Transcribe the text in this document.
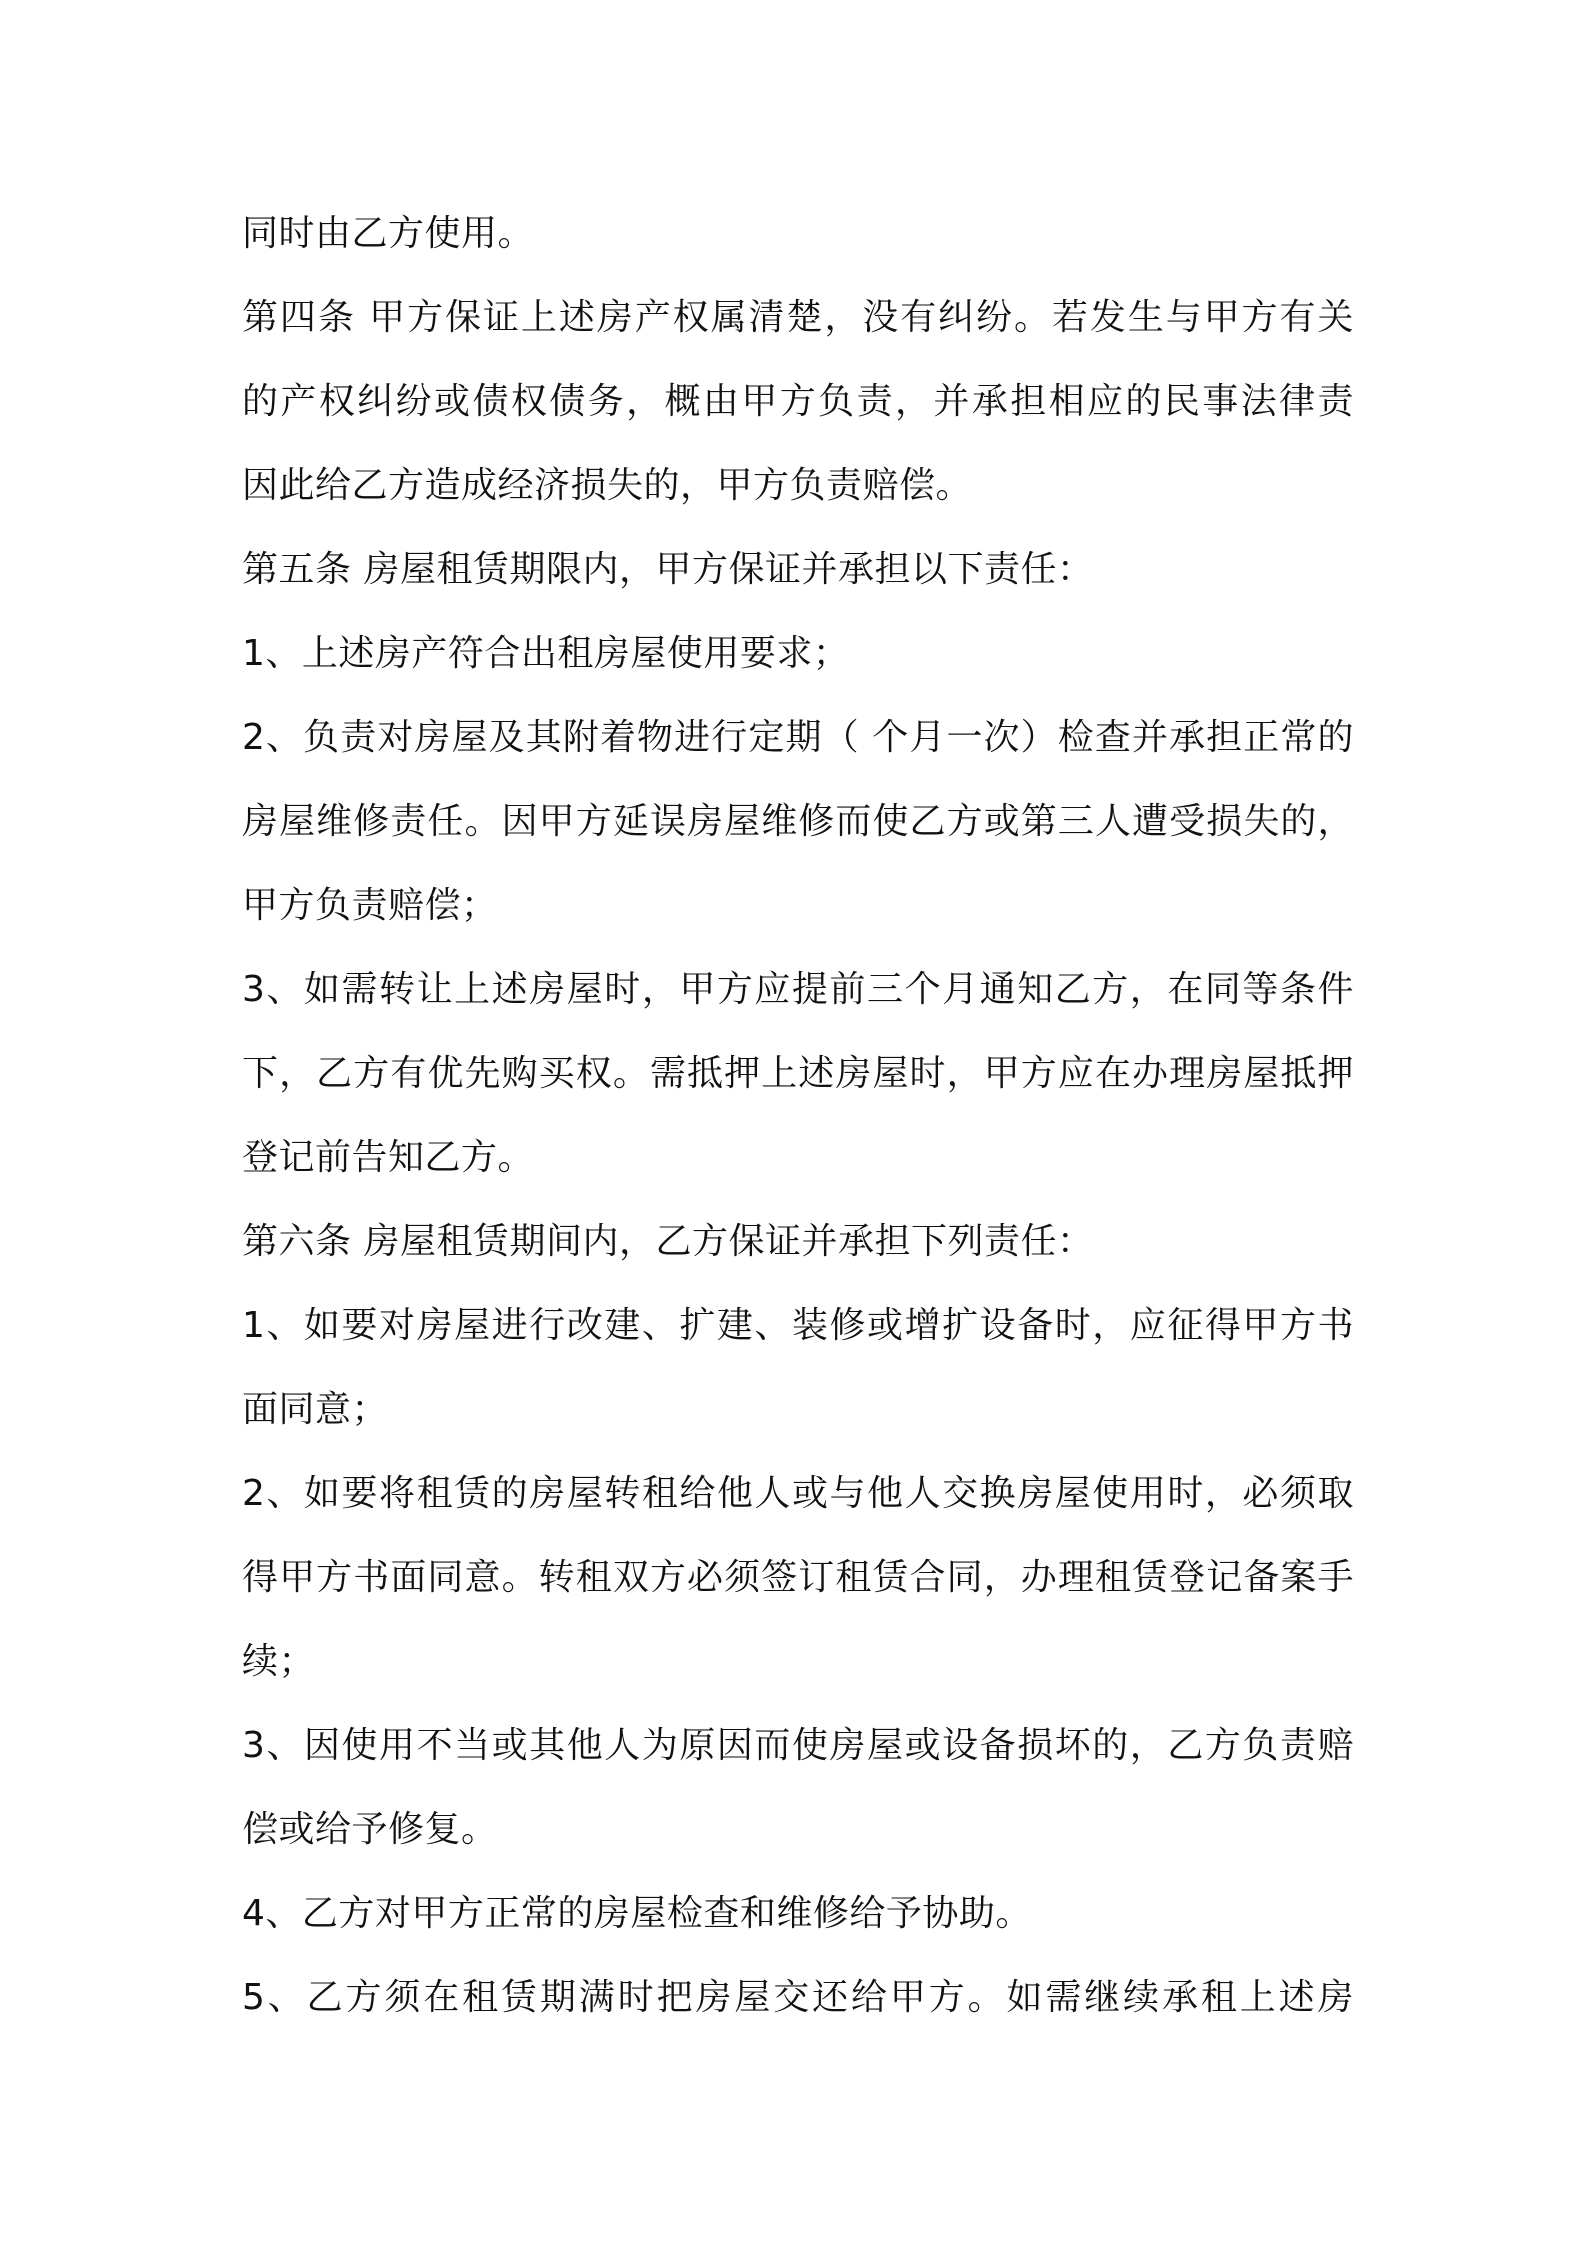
同时由乙方使用。
第四条 甲方保证上述房产权属清楚，没有纠纷。若发生与甲方有关
的产权纠纷或债权债务，概由甲方负责，并承担相应的民事法律责
因此给乙方造成经济损失的，甲方负责赔偿。
第五条 房屋租赁期限内，甲方保证并承担以下责任：
1、上述房产符合出租房屋使用要求；
2、负责对房屋及其附着物进行定期（ 个月一次）检查并承担正常的
房屋维修责任。因甲方延误房屋维修而使乙方或第三人遭受损失的，
甲方负责赔偿；
3、如需转让上述房屋时，甲方应提前三个月通知乙方，在同等条件
下，乙方有优先购买权。需抵押上述房屋时，甲方应在办理房屋抵押
登记前告知乙方。
第六条 房屋租赁期间内，乙方保证并承担下列责任：
1、如要对房屋进行改建、扩建、装修或增扩设备时，应征得甲方书
面同意；
2、如要将租赁的房屋转租给他人或与他人交换房屋使用时，必须取
得甲方书面同意。转租双方必须签订租赁合同，办理租赁登记备案手
续；
3、因使用不当或其他人为原因而使房屋或设备损坏的，乙方负责赔
偿或给予修复。
4、乙方对甲方正常的房屋检查和维修给予协助。
5、乙方须在租赁期满时把房屋交还给甲方。如需继续承租上述房
